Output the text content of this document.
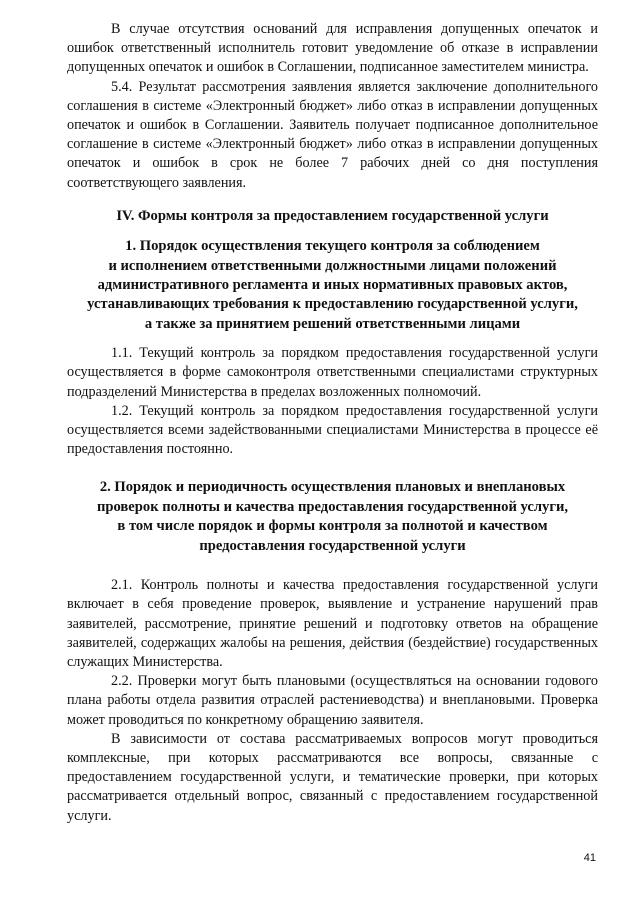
В случае отсутствия оснований для исправления допущенных опечаток и ошибок ответственный исполнитель готовит уведомление об отказе в исправлении допущенных опечаток и ошибок в Соглашении, подписанное заместителем министра.

5.4. Результат рассмотрения заявления является заключение дополнительного соглашения в системе «Электронный бюджет» либо отказ в исправлении допущенных опечаток и ошибок в Соглашении. Заявитель получает подписанное дополнительное соглашение в системе «Электронный бюджет» либо отказ в исправлении допущенных опечаток и ошибок в срок не более 7 рабочих дней со дня поступления соответствующего заявления.

IV. Формы контроля за предоставлением государственной услуги
1. Порядок осуществления текущего контроля за соблюдением
и исполнением ответственными должностными лицами положений
административного регламента и иных нормативных правовых актов,
устанавливающих требования к предоставлению государственной услуги,
а также за принятием решений ответственными лицами

1.1. Текущий контроль за порядком предоставления государственной услуги осуществляется в форме самоконтроля ответственными специалистами структурных подразделений Министерства в пределах возложенных полномочий.

1.2. Текущий контроль за порядком предоставления государственной услуги осуществляется всеми задействованными специалистами Министерства в процессе её предоставления постоянно.

2. Порядок и периодичность осуществления плановых и внеплановых
проверок полноты и качества предоставления государственной услуги,
в том числе порядок и формы контроля за полнотой и качеством
предоставления государственной услуги

2.1. Контроль полноты и качества предоставления государственной услуги включает в себя проведение проверок, выявление и устранение нарушений прав заявителей, рассмотрение, принятие решений и подготовку ответов на обращение заявителей, содержащих жалобы на решения, действия (бездействие) государственных служащих Министерства.

2.2. Проверки могут быть плановыми (осуществляться на основании годового плана работы отдела развития отраслей растениеводства) и внеплановыми. Проверка может проводиться по конкретному обращению заявителя.

В зависимости от состава рассматриваемых вопросов могут проводиться комплексные, при которых рассматриваются все вопросы, связанные с предоставлением государственной услуги, и тематические проверки, при которых рассматривается отдельный вопрос, связанный с предоставлением государственной услуги.

41
